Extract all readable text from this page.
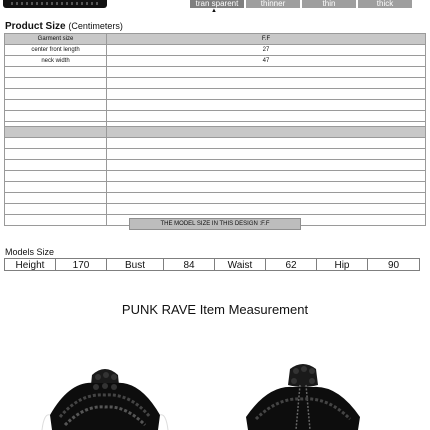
tran sparent	thinner	thin	thick
▲
Product Size (Centimeters)
Garment size	F.F
center front length	27
neck width	47

THE MODEL SIZE IN THIS DESIGN :F.F
Models Size
Height	170	Bust	84	Waist	62	Hip	90
PUNK RAVE Item Measurement
